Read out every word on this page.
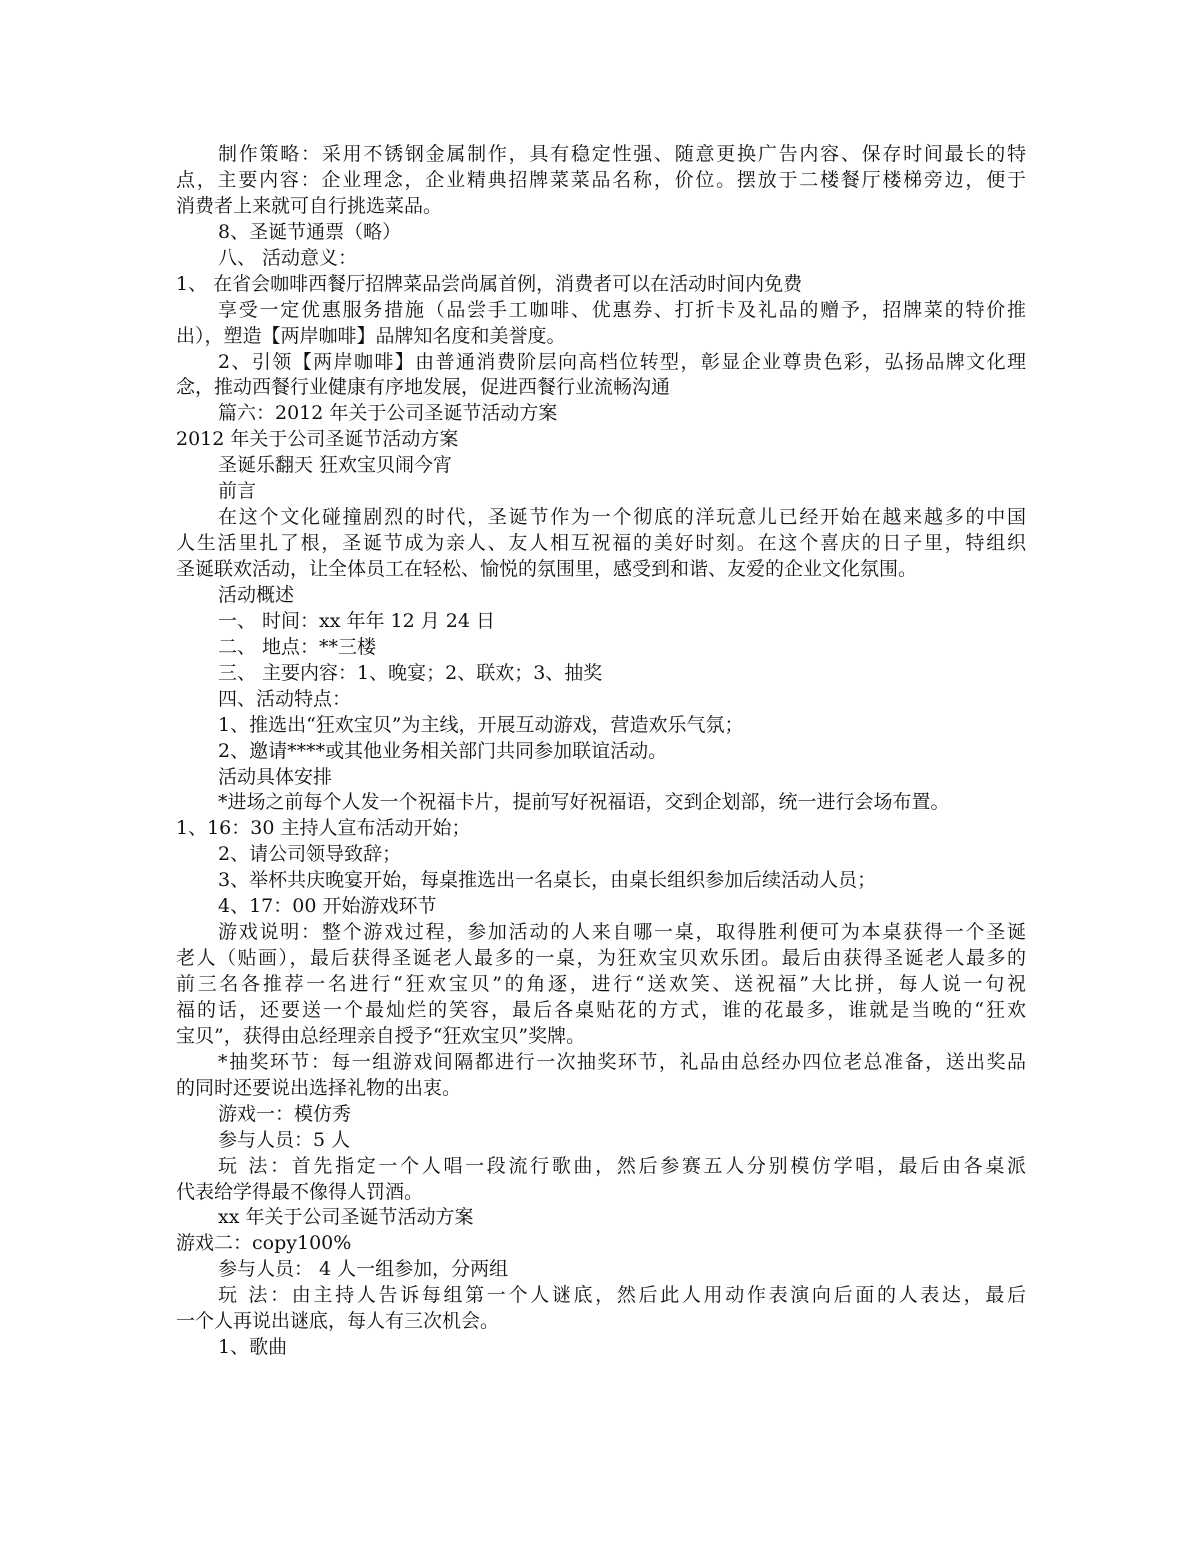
制作策略：采用不锈钢金属制作，具有稳定性强、随意更换广告内容、保存时间最长的特
点，主要内容：企业理念，企业精典招牌菜菜品名称，价位。摆放于二楼餐厅楼梯旁边，便于
消费者上来就可自行挑选菜品。
8、圣诞节通票（略）
八、 活动意义：
1、 在省会咖啡西餐厅招牌菜品尝尚属首例，消费者可以在活动时间内免费
享受一定优惠服务措施（品尝手工咖啡、优惠券、打折卡及礼品的赠予，招牌菜的特价推
出），塑造【两岸咖啡】品牌知名度和美誉度。
2、引领【两岸咖啡】由普通消费阶层向高档位转型，彰显企业尊贵色彩，弘扬品牌文化理
念，推动西餐行业健康有序地发展，促进西餐行业流畅沟通
篇六：2012 年关于公司圣诞节活动方案
2012 年关于公司圣诞节活动方案
圣诞乐翻天 狂欢宝贝闹今宵
前言
在这个文化碰撞剧烈的时代，圣诞节作为一个彻底的洋玩意儿已经开始在越来越多的中国
人生活里扎了根，圣诞节成为亲人、友人相互祝福的美好时刻。在这个喜庆的日子里，特组织
圣诞联欢活动，让全体员工在轻松、愉悦的氛围里，感受到和谐、友爱的企业文化氛围。
活动概述
一、 时间：xx 年年 12 月 24 日
二、 地点：**三楼
三、 主要内容：1、晚宴；2、联欢；3、抽奖
四、活动特点：
1、推选出“狂欢宝贝”为主线，开展互动游戏，营造欢乐气氛；
2、邀请****或其他业务相关部门共同参加联谊活动。
活动具体安排
*进场之前每个人发一个祝福卡片，提前写好祝福语，交到企划部，统一进行会场布置。
1、16：30 主持人宣布活动开始；
2、请公司领导致辞；
3、举杯共庆晚宴开始，每桌推选出一名桌长，由桌长组织参加后续活动人员；
4、17：00 开始游戏环节
游戏说明：整个游戏过程，参加活动的人来自哪一桌，取得胜利便可为本桌获得一个圣诞
老人（贴画），最后获得圣诞老人最多的一桌，为狂欢宝贝欢乐团。最后由获得圣诞老人最多的
前三名各推荐一名进行“狂欢宝贝”的角逐，进行“送欢笑、送祝福”大比拼，每人说一句祝
福的话，还要送一个最灿烂的笑容，最后各桌贴花的方式，谁的花最多，谁就是当晚的“狂欢
宝贝”，获得由总经理亲自授予“狂欢宝贝”奖牌。
*抽奖环节：每一组游戏间隔都进行一次抽奖环节，礼品由总经办四位老总准备，送出奖品
的同时还要说出选择礼物的出衷。
游戏一：模仿秀
参与人员：5 人
玩 法：首先指定一个人唱一段流行歌曲，然后参赛五人分别模仿学唱，最后由各桌派
代表给学得最不像得人罚酒。
xx 年关于公司圣诞节活动方案
游戏二：copy100%
参与人员： 4 人一组参加，分两组
玩 法：由主持人告诉每组第一个人谜底，然后此人用动作表演向后面的人表达，最后
一个人再说出谜底，每人有三次机会。
1、歌曲
